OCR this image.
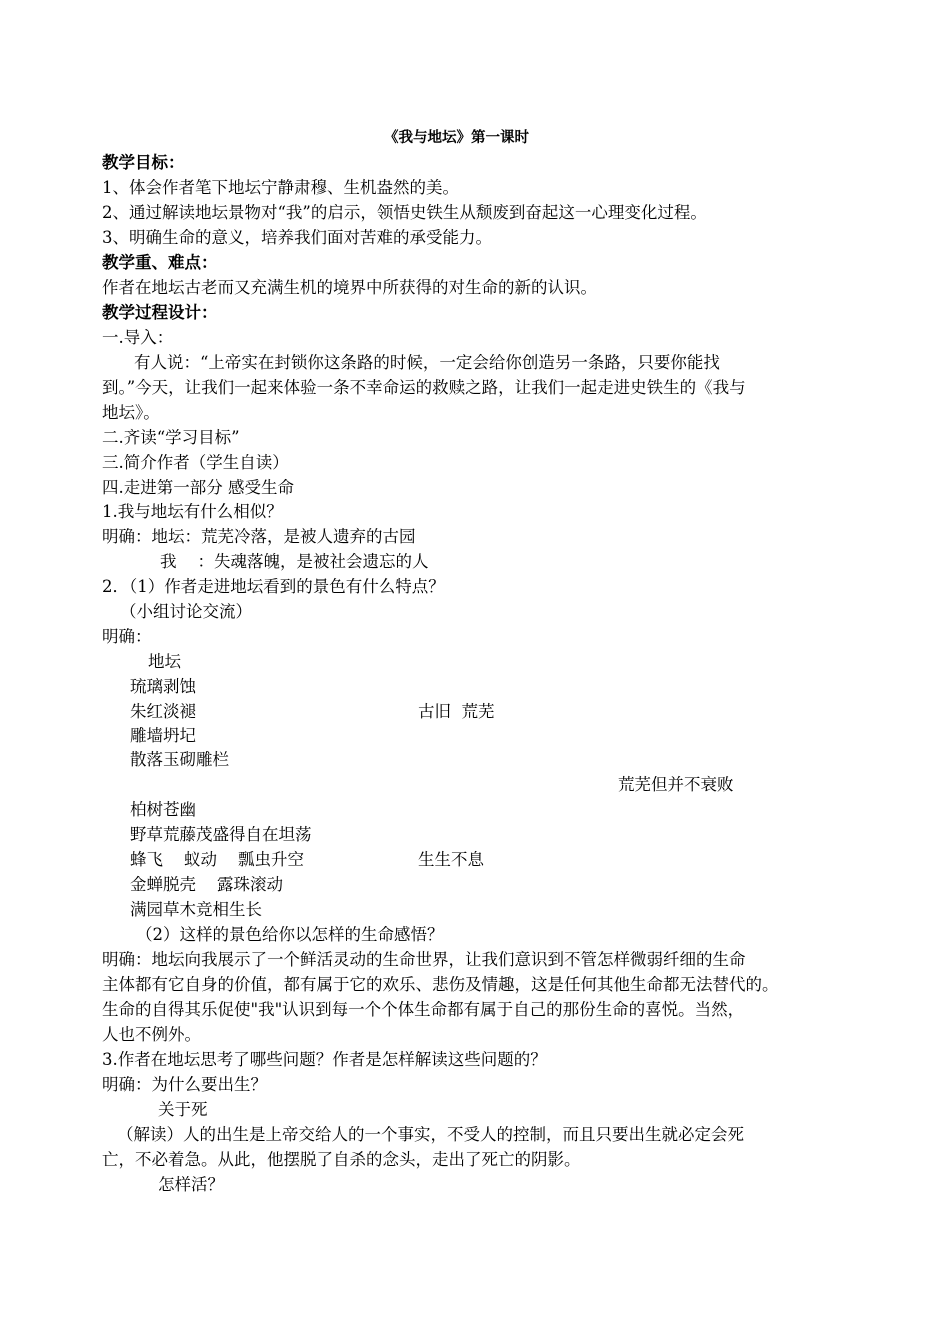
《我与地坛》第一课时
教学目标：
1、体会作者笔下地坛宁静肃穆、生机盎然的美。
2、通过解读地坛景物对“我”的启示，领悟史铁生从颓废到奋起这一心理变化过程。
3、明确生命的意义，培养我们面对苦难的承受能力。
教学重、难点：
作者在地坛古老而又充满生机的境界中所获得的对生命的新的认识。
教学过程设计：
一.导入：
有人说：“上帝实在封锁你这条路的时候，一定会给你创造另一条路，只要你能找
到。”今天，让我们一起来体验一条不幸命运的救赎之路，让我们一起走进史铁生的《我与
地坛》。
二.齐读“学习目标”
三.简介作者（学生自读）
四.走进第一部分 感受生命
1.我与地坛有什么相似？
明确：地坛：荒芜冷落，是被人遗弃的古园
我    ：失魂落魄，是被社会遗忘的人
2．（1）作者走进地坛看到的景色有什么特点？
（小组讨论交流）
明确：
地坛
琉璃剥蚀
朱红淡褪	古旧  荒芜
雕墙坍圮
散落玉砌雕栏
荒芜但并不衰败
柏树苍幽
野草荒藤茂盛得自在坦荡
蜂飞    蚁动    瓢虫升空	生生不息
金蝉脱壳    露珠滚动
满园草木竞相生长
（2）这样的景色给你以怎样的生命感悟？
明确：地坛向我展示了一个鲜活灵动的生命世界，让我们意识到不管怎样微弱纤细的生命
主体都有它自身的价值，都有属于它的欢乐、悲伤及情趣，这是任何其他生命都无法替代的。
生命的自得其乐促使"我"认识到每一个个体生命都有属于自己的那份生命的喜悦。当然，
人也不例外。
3.作者在地坛思考了哪些问题？作者是怎样解读这些问题的？
明确：为什么要出生？
关于死
（解读）人的出生是上帝交给人的一个事实，不受人的控制，而且只要出生就必定会死
亡，不必着急。从此，他摆脱了自杀的念头，走出了死亡的阴影。
怎样活？
